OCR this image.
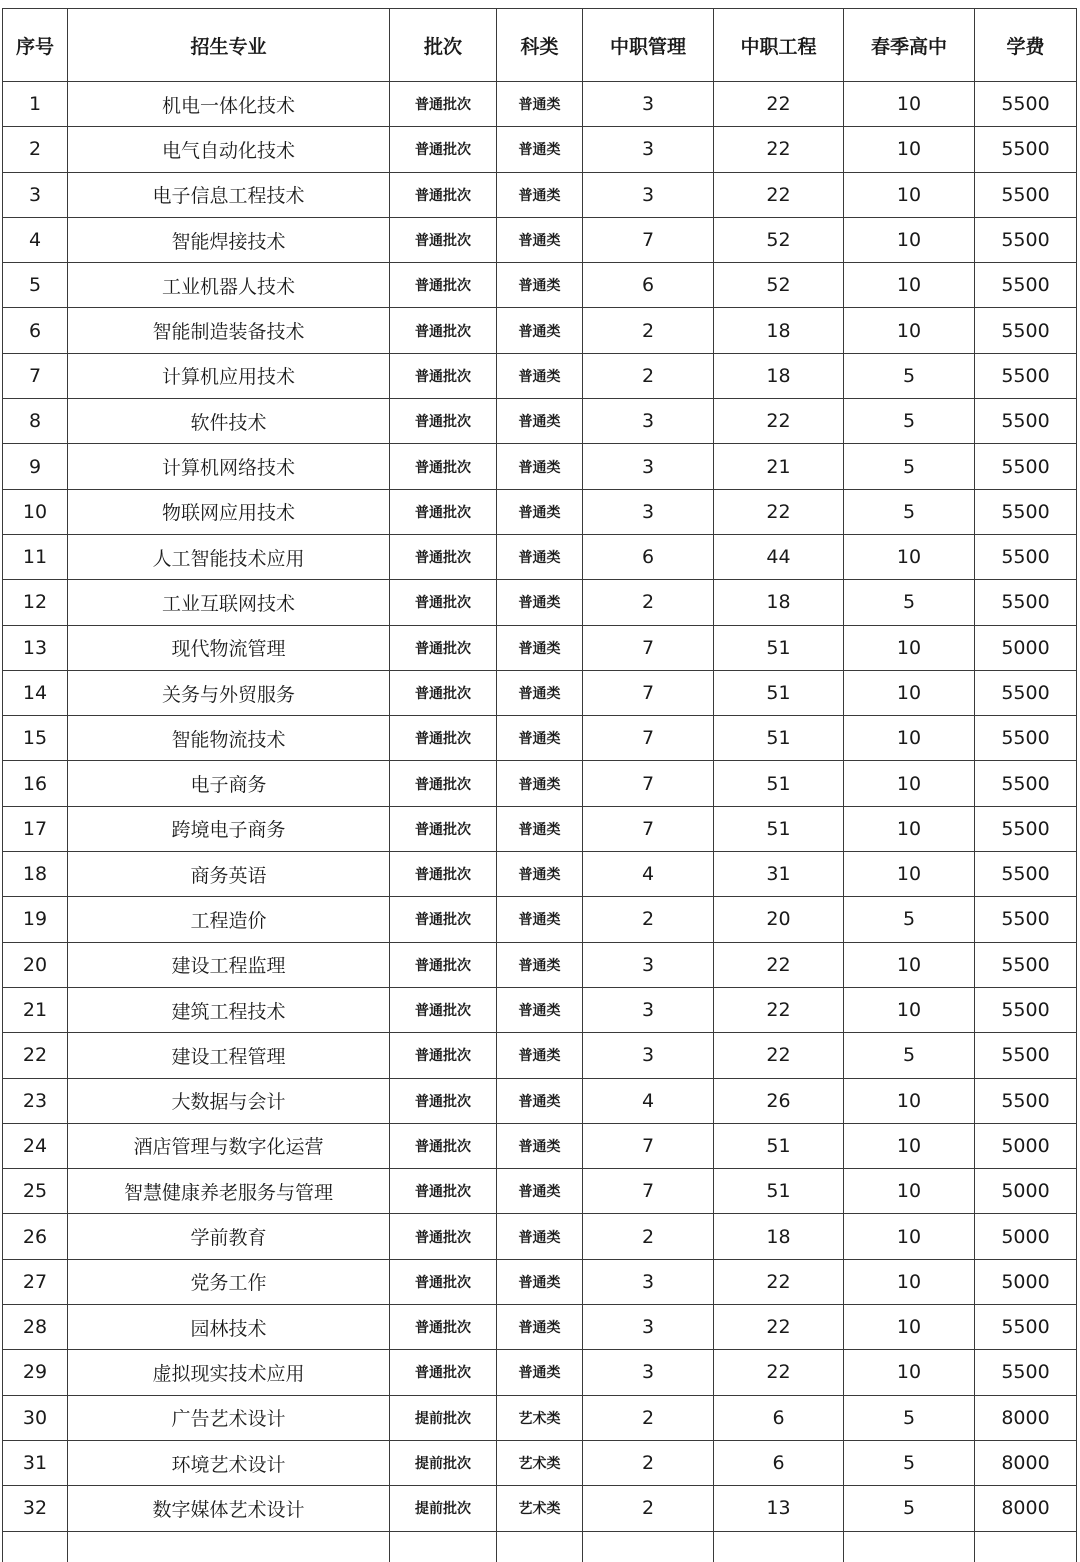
序号	招生专业	批次	科类	中职管理	中职工程	春季高中	学费
1	机电一体化技术	普通批次	普通类	3	22	10	5500
2	电气自动化技术	普通批次	普通类	3	22	10	5500
3	电子信息工程技术	普通批次	普通类	3	22	10	5500
4	智能焊接技术	普通批次	普通类	7	52	10	5500
5	工业机器人技术	普通批次	普通类	6	52	10	5500
6	智能制造装备技术	普通批次	普通类	2	18	10	5500
7	计算机应用技术	普通批次	普通类	2	18	5	5500
8	软件技术	普通批次	普通类	3	22	5	5500
9	计算机网络技术	普通批次	普通类	3	21	5	5500
10	物联网应用技术	普通批次	普通类	3	22	5	5500
11	人工智能技术应用	普通批次	普通类	6	44	10	5500
12	工业互联网技术	普通批次	普通类	2	18	5	5500
13	现代物流管理	普通批次	普通类	7	51	10	5000
14	关务与外贸服务	普通批次	普通类	7	51	10	5500
15	智能物流技术	普通批次	普通类	7	51	10	5500
16	电子商务	普通批次	普通类	7	51	10	5500
17	跨境电子商务	普通批次	普通类	7	51	10	5500
18	商务英语	普通批次	普通类	4	31	10	5500
19	工程造价	普通批次	普通类	2	20	5	5500
20	建设工程监理	普通批次	普通类	3	22	10	5500
21	建筑工程技术	普通批次	普通类	3	22	10	5500
22	建设工程管理	普通批次	普通类	3	22	5	5500
23	大数据与会计	普通批次	普通类	4	26	10	5500
24	酒店管理与数字化运营	普通批次	普通类	7	51	10	5000
25	智慧健康养老服务与管理	普通批次	普通类	7	51	10	5000
26	学前教育	普通批次	普通类	2	18	10	5000
27	党务工作	普通批次	普通类	3	22	10	5000
28	园林技术	普通批次	普通类	3	22	10	5500
29	虚拟现实技术应用	普通批次	普通类	3	22	10	5500
30	广告艺术设计	提前批次	艺术类	2	6	5	8000
31	环境艺术设计	提前批次	艺术类	2	6	5	8000
32	数字媒体艺术设计	提前批次	艺术类	2	13	5	8000
